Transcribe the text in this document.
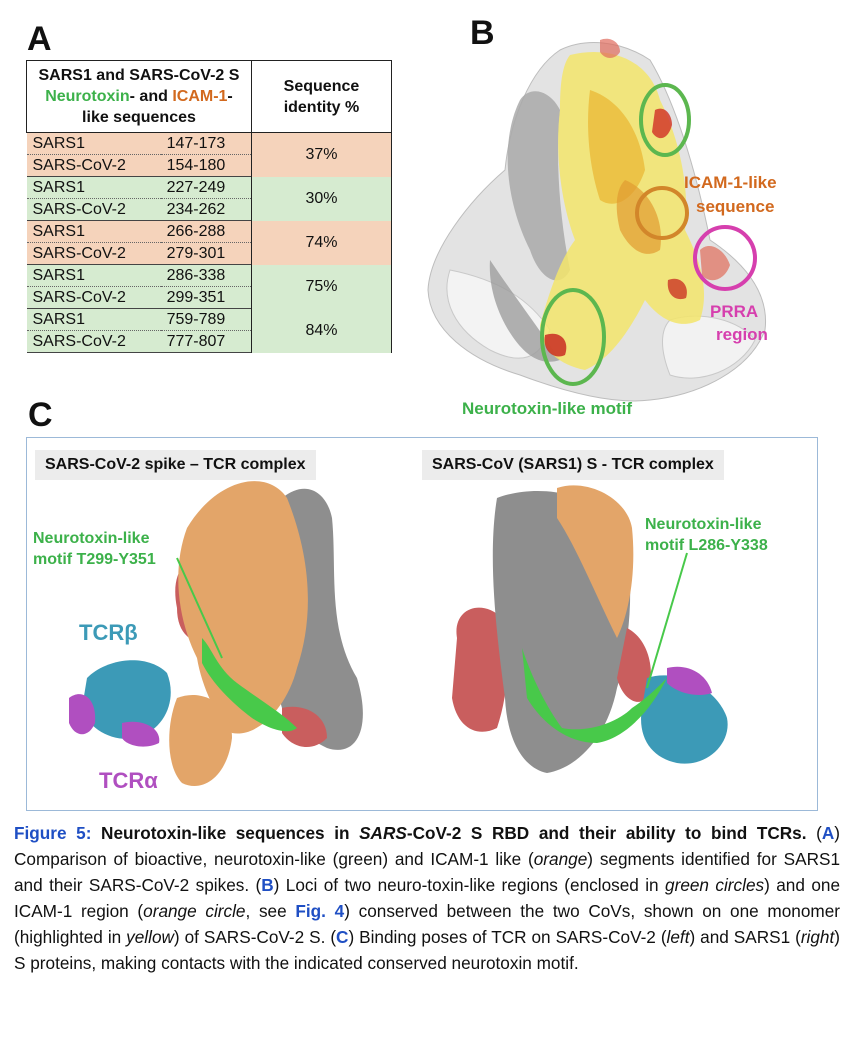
A	B
C
SARS1 and SARS-CoV-2 S
Neurotoxin- and ICAM-1-
like sequences		Sequence identity %
SARS1	147-173	37%
SARS-CoV-2	154-180	
SARS1	227-249	30%
SARS-CoV-2	234-262	
SARS1	266-288	74%
SARS-CoV-2	279-301	
SARS1	286-338	75%
SARS-CoV-2	299-351	
SARS1	759-789	84%
SARS-CoV-2	777-807	
ICAM-1-like
sequence
PRRA
region
Neurotoxin-like motif
SARS-CoV-2 spike – TCR complex	SARS-CoV (SARS1) S - TCR complex
Neurotoxin-like
motif T299-Y351
Neurotoxin-like
motif L286-Y338
TCRβ
TCRα
Figure 5: Neurotoxin-like sequences in SARS-CoV-2 S RBD and their ability to bind TCRs. (A) Comparison of bioactive, neurotoxin-like (green) and ICAM-1 like (orange) segments identified for SARS1 and their SARS-CoV-2 spikes. (B) Loci of two neuro-toxin-like regions (enclosed in green circles) and one ICAM-1 region (orange circle, see Fig. 4) conserved between the two CoVs, shown on one monomer (highlighted in yellow) of SARS-CoV-2 S. (C) Binding poses of TCR on SARS-CoV-2 (left) and SARS1 (right) S proteins, making contacts with the indicated conserved neurotoxin motif.
